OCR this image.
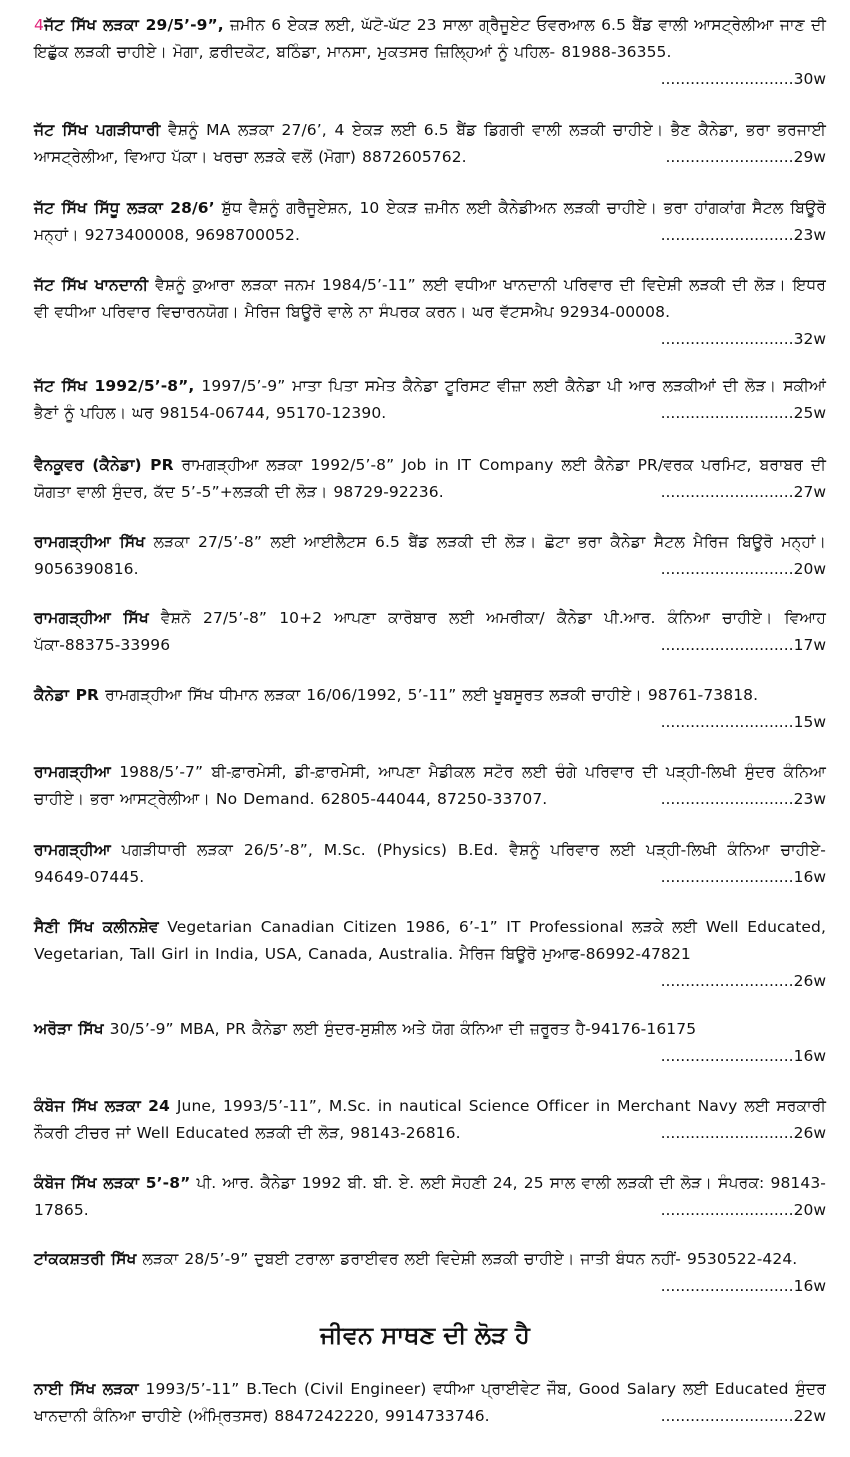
4ਜੱਟ ਸਿੱਖ ਲੜਕਾ 29/5’-9”, ਜ਼ਮੀਨ 6 ਏਕੜ ਲਈ, ਘੱਟੋ-ਘੱਟ 23 ਸਾਲਾ ਗ੍ਰੈਜੂਏਟ ਓਵਰਆਲ 6.5 ਬੈਂਡ ਵਾਲੀ ਆਸਟ੍ਰੇਲੀਆ ਜਾਣ ਦੀ ਇਛੁੱਕ ਲੜਕੀ ਚਾਹੀਏ। ਮੋਗਾ, ਫ਼ਰੀਦਕੋਟ, ਬਠਿੰਡਾ, ਮਾਨਸਾ, ਮੁਕਤਸਰ ਜ਼ਿਲ੍ਹਿਆਂ ਨੂੰ ਪਹਿਲ- 81988-36355.
...........................30w
ਜੱਟ ਸਿੱਖ ਪਗੜੀਧਾਰੀ ਵੈਸ਼ਨੂੰ MA ਲੜਕਾ 27/6’, 4 ਏਕੜ ਲਈ 6.5 ਬੈਂਡ ਡਿਗਰੀ ਵਾਲੀ ਲੜਕੀ ਚਾਹੀਏ। ਭੈਣ ਕੈਨੇਡਾ, ਭਰਾ ਭਰਜਾਈ ਆਸਟ੍ਰੇਲੀਆ, ਵਿਆਹ ਪੱਕਾ। ਖਰਚਾ ਲੜਕੇ ਵਲੋਂ (ਮੋਗਾ) 8872605762.	..........................29w
ਜੱਟ ਸਿੱਖ ਸਿੱਧੂ ਲੜਕਾ 28/6’ ਸ਼ੁੱਧ ਵੈਸ਼ਨੂੰ ਗਰੈਜੂਏਸ਼ਨ, 10 ਏਕੜ ਜ਼ਮੀਨ ਲਈ ਕੈਨੇਡੀਅਨ ਲੜਕੀ ਚਾਹੀਏ। ਭਰਾ ਹਾਂਗਕਾਂਗ ਸੈਟਲ ਬਿਊਰੋ ਮਨ੍ਹਾਂ। 9273400008, 9698700052.	...........................23w
ਜੱਟ ਸਿੱਖ ਖਾਨਦਾਨੀ ਵੈਸ਼ਨੂੰ ਕੁਆਰਾ ਲੜਕਾ ਜਨਮ 1984/5’-11” ਲਈ ਵਧੀਆ ਖਾਨਦਾਨੀ ਪਰਿਵਾਰ ਦੀ ਵਿਦੇਸ਼ੀ ਲੜਕੀ ਦੀ ਲੋੜ। ਇਧਰ ਵੀ ਵਧੀਆ ਪਰਿਵਾਰ ਵਿਚਾਰਨਯੋਗ। ਮੈਰਿਜ ਬਿਊਰੋ ਵਾਲੇ ਨਾ ਸੰਪਰਕ ਕਰਨ। ਘਰ ਵੱਟਸਐਪ 92934-00008.
...........................32w
ਜੱਟ ਸਿੱਖ 1992/5’-8”, 1997/5’-9” ਮਾਤਾ ਪਿਤਾ ਸਮੇਤ ਕੈਨੇਡਾ ਟੂਰਿਸਟ ਵੀਜ਼ਾ ਲਈ ਕੈਨੇਡਾ ਪੀ ਆਰ ਲੜਕੀਆਂ ਦੀ ਲੋੜ। ਸਕੀਆਂ ਭੈਣਾਂ ਨੂੰ ਪਹਿਲ। ਘਰ 98154-06744, 95170-12390.	...........................25w
ਵੈਨਕੂਵਰ (ਕੈਨੇਡਾ) PR ਰਾਮਗੜ੍ਹੀਆ ਲੜਕਾ 1992/5’-8” Job in IT Company ਲਈ ਕੈਨੇਡਾ PR/ਵਰਕ ਪਰਮਿਟ, ਬਰਾਬਰ ਦੀ ਯੋਗਤਾ ਵਾਲੀ ਸੁੰਦਰ, ਕੱਦ 5’-5”+ਲੜਕੀ ਦੀ ਲੋੜ। 98729-92236.	...........................27w
ਰਾਮਗੜ੍ਹੀਆ ਸਿੱਖ ਲੜਕਾ 27/5’-8” ਲਈ ਆਈਲੈਟਸ 6.5 ਬੈਂਡ ਲੜਕੀ ਦੀ ਲੋੜ। ਛੋਟਾ ਭਰਾ ਕੈਨੇਡਾ ਸੈਟਲ ਮੈਰਿਜ ਬਿਊਰੋ ਮਨ੍ਹਾਂ। 9056390816.	...........................20w
ਰਾਮਗੜ੍ਹੀਆ ਸਿੱਖ ਵੈਸ਼ਨੋ 27/5’-8” 10+2 ਆਪਣਾ ਕਾਰੋਬਾਰ ਲਈ ਅਮਰੀਕਾ/ ਕੈਨੇਡਾ ਪੀ.ਆਰ. ਕੰਨਿਆ ਚਾਹੀਏ। ਵਿਆਹ ਪੱਕਾ-88375-33996	...........................17w
ਕੈਨੇਡਾ PR ਰਾਮਗੜ੍ਹੀਆ ਸਿੱਖ ਧੀਮਾਨ ਲੜਕਾ 16/06/1992, 5’-11” ਲਈ ਖੂਬਸੂਰਤ ਲੜਕੀ ਚਾਹੀਏ। 98761-73818.
...........................15w
ਰਾਮਗੜ੍ਹੀਆ 1988/5’-7” ਬੀ-ਫ਼ਾਰਮੇਸੀ, ਡੀ-ਫ਼ਾਰਮੇਸੀ, ਆਪਣਾ ਮੈਡੀਕਲ ਸਟੋਰ ਲਈ ਚੰਗੇ ਪਰਿਵਾਰ ਦੀ ਪੜ੍ਹੀ-ਲਿਖੀ ਸੁੰਦਰ ਕੰਨਿਆ ਚਾਹੀਏ। ਭਰਾ ਆਸਟ੍ਰੇਲੀਆ। No Demand. 62805-44044, 87250-33707.	...........................23w
ਰਾਮਗੜ੍ਹੀਆ ਪਗੜੀਧਾਰੀ ਲੜਕਾ 26/5’-8”, M.Sc. (Physics) B.Ed. ਵੈਸ਼ਨੂੰ ਪਰਿਵਾਰ ਲਈ ਪੜ੍ਹੀ-ਲਿਖੀ ਕੰਨਿਆ ਚਾਹੀਏ- 94649-07445.	...........................16w
ਸੈਣੀ ਸਿੱਖ ਕਲੀਨਸ਼ੇਵ Vegetarian Canadian Citizen 1986, 6’-1” IT Professional ਲੜਕੇ ਲਈ Well Educated, Vegetarian, Tall Girl in India, USA, Canada, Australia. ਮੈਰਿਜ ਬਿਊਰੋ ਮੁਆਫ-86992-47821
...........................26w
ਅਰੋੜਾ ਸਿੱਖ 30/5’-9” MBA, PR ਕੈਨੇਡਾ ਲਈ ਸੁੰਦਰ-ਸੁਸ਼ੀਲ ਅਤੇ ਯੋਗ ਕੰਨਿਆ ਦੀ ਜ਼ਰੂਰਤ ਹੈ-94176-16175
...........................16w
ਕੰਬੋਜ ਸਿੱਖ ਲੜਕਾ 24 June, 1993/5’-11”, M.Sc. in nautical Science Officer in Merchant Navy ਲਈ ਸਰਕਾਰੀ ਨੌਕਰੀ ਟੀਚਰ ਜਾਂ Well Educated ਲੜਕੀ ਦੀ ਲੋੜ, 98143-26816.	...........................26w
ਕੰਬੋਜ ਸਿੱਖ ਲੜਕਾ 5’-8” ਪੀ. ਆਰ. ਕੈਨੇਡਾ 1992 ਬੀ. ਬੀ. ਏ. ਲਈ ਸੋਹਣੀ 24, 25 ਸਾਲ ਵਾਲੀ ਲੜਕੀ ਦੀ ਲੋੜ। ਸੰਪਰਕ: 98143-17865.	...........................20w
ਟਾਂਕਕਸ਼ਤਰੀ ਸਿੱਖ ਲੜਕਾ 28/5’-9” ਦੁਬਈ ਟਰਾਲਾ ਡਰਾਈਵਰ ਲਈ ਵਿਦੇਸ਼ੀ ਲੜਕੀ ਚਾਹੀਏ। ਜਾਤੀ ਬੰਧਨ ਨਹੀਂ- 9530522-424.
...........................16w
ਜੀਵਨ ਸਾਥਣ ਦੀ ਲੋੜ ਹੈ
ਨਾਈ ਸਿੱਖ ਲੜਕਾ 1993/5’-11” B.Tech (Civil Engineer) ਵਧੀਆ ਪ੍ਰਾਈਵੇਟ ਜੌਬ, Good Salary ਲਈ Educated ਸੁੰਦਰ ਖਾਨਦਾਨੀ ਕੰਨਿਆ ਚਾਹੀਏ (ਅੰਮ੍ਰਿਤਸਰ) 8847242220, 9914733746.	...........................22w
